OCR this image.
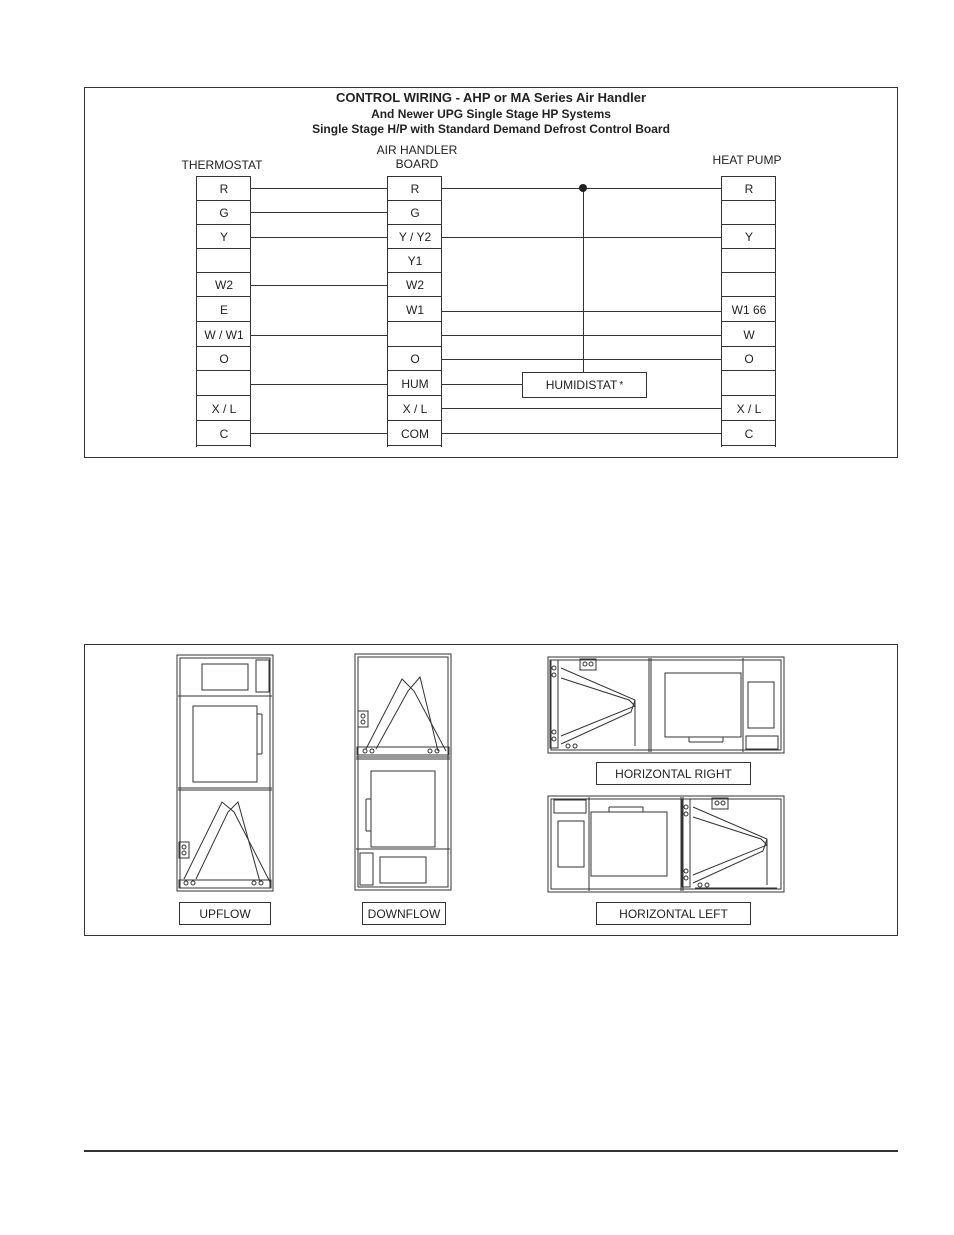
CONTROL WIRING - AHP or MA Series Air Handler

And Newer UPG Single Stage HP Systems

Single Stage H/P with Standard Demand Defrost Control Board

THERMOSTAT
AIR HANDLER
BOARD	HEAT PUMP
R
G
Y
W2
E
W / W1
O
X / L
C
R
G
Y / Y2
Y1
W2
W1
O
HUM
X / L
COM
R
Y
W1 66
W
O
X / L
C
HUMIDISTAT *
UPFLOW	DOWNFLOW
HORIZONTAL RIGHT
HORIZONTAL LEFT
